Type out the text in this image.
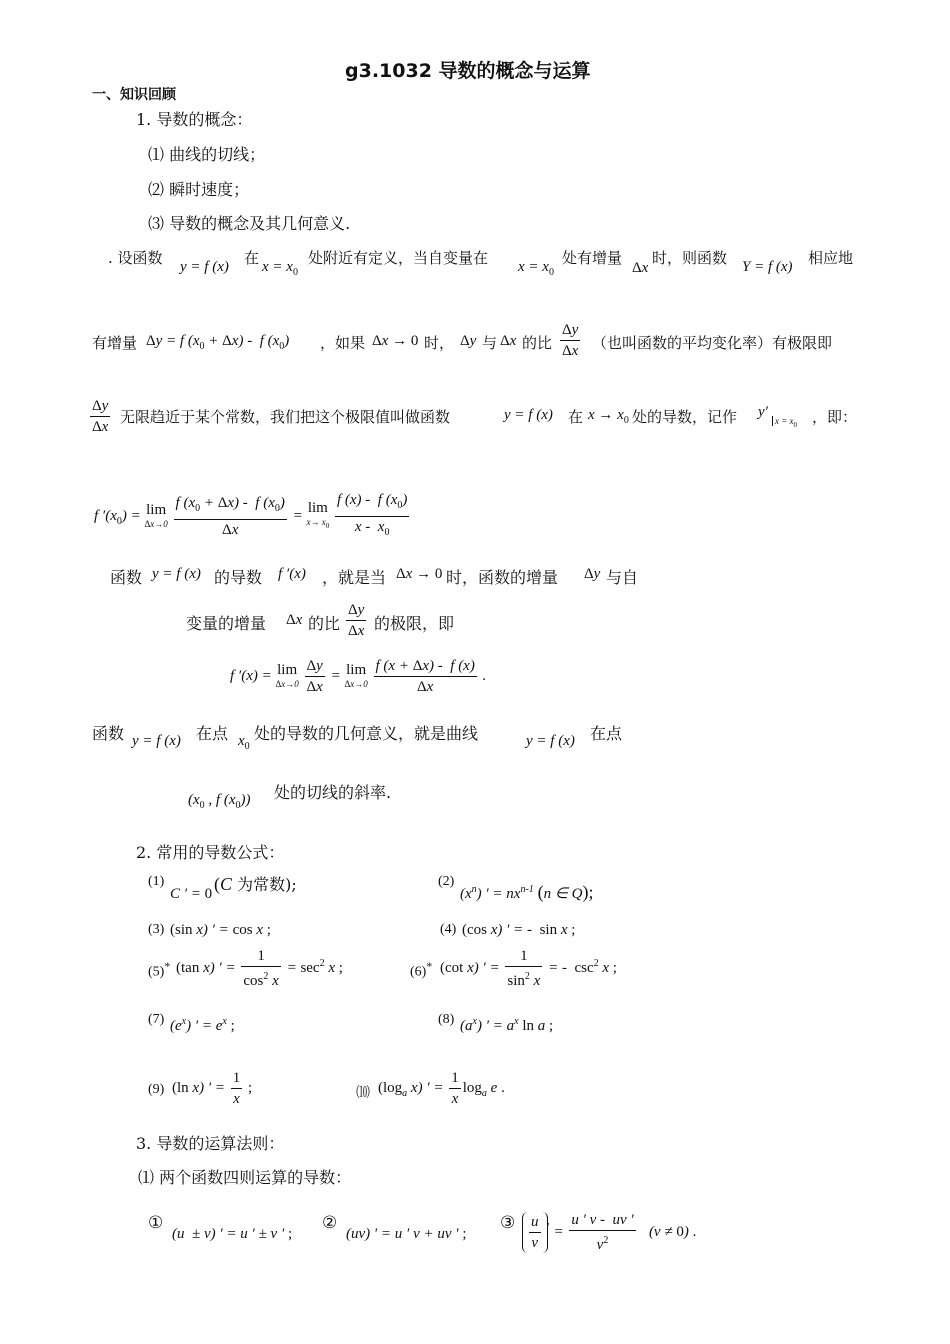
g3.1032 导数的概念与运算
一、知识回顾
1. 导数的概念：
⑴ 曲线的切线；
⑵ 瞬时速度；
⑶ 导数的概念及其几何意义.
. 设函数 y = f (x) 在 $x = x_0$
处附近有定义，当自变量在 $x = x_0$
处有增量
Δx
时，则函数 Y = f (x) 相应地
有增量 Δy = f $(x_0 + \Delta x) - f$ $(x_0)$ ，如果 Δx → 0 时， Δy 与 Δx 的比 $\frac{\Delta y}{\Delta x}$ （也叫函数的平均变化率）有极限即
$\frac{\Delta y}{\Delta x}$ 无限趋近于某个常数，我们把这个极限值叫做函数	y = f (x) 在 $x \to x_0$ 处的导数，记作 $y'_{x = x_0}$ ，即：
f $'(x_0) = \lim$
Δx→0
$\frac{f (x_0 + \Delta x) - f (x_0)}{\Delta x} = \lim$
$x\to x_0$
$\frac{f (x) - f (x_0)}{x - x_0}$
函数 y = f (x) 的导数 f ′(x) ，就是当 Δx → 0 时，函数的增量 Δy 与自
变量的增量 Δx 的比 $\frac{\Delta y}{\Delta x}$ 的极限，即
f ′(x) = lim
Δx→0
$\frac{\Delta y}{\Delta x} = \lim$
Δx→0
$\frac{f (x + \Delta x) - f (x)}{\Delta x}$ .
函数 y = f (x) 在点 $x_0$
处的导数的几何意义，就是曲线	y = f (x) 在点
($x_0$ , f $(x_0)$) 处的切线的斜率.
2. 常用的导数公式：
(1)
C ′ = 0 (C 为常数);	(2)
$(x^n)$ ′ = $nx^{n-1}$ (n ∈ Q);
(3) (sin x) ′ = cos x ;	(4) (cos x) ′ = -  sin x ;
(5)* (tan x) ′ = $\frac{1}{\cos^2 x} = \sec^2 x$ ;	(6)* (cot x) ′ = $\frac{1}{\sin^2 x}$ = -  $\csc^2 x$ ;
(7) $(e^x)$ ′ = $e^x$ ;	(8) $(a^x)$ ′ = $a^x$ ln a ;
(9) (ln x) ′ = $\frac{1}{x}$ ;	⑽ ($\log_a$ x) ′ = $\frac{1}{x} \log_a e$ .
3. 导数的运算法则：
⑴ 两个函数四则运算的导数：
①
(u  ± v) ′ = u ′ ± v ′ ;
②
(uv) ′ = u ′ v + uv ′ ;
③ $\frac{u}{v} ' = \frac{u ' v - uv '}{v^2} (v \ne 0)$ .
